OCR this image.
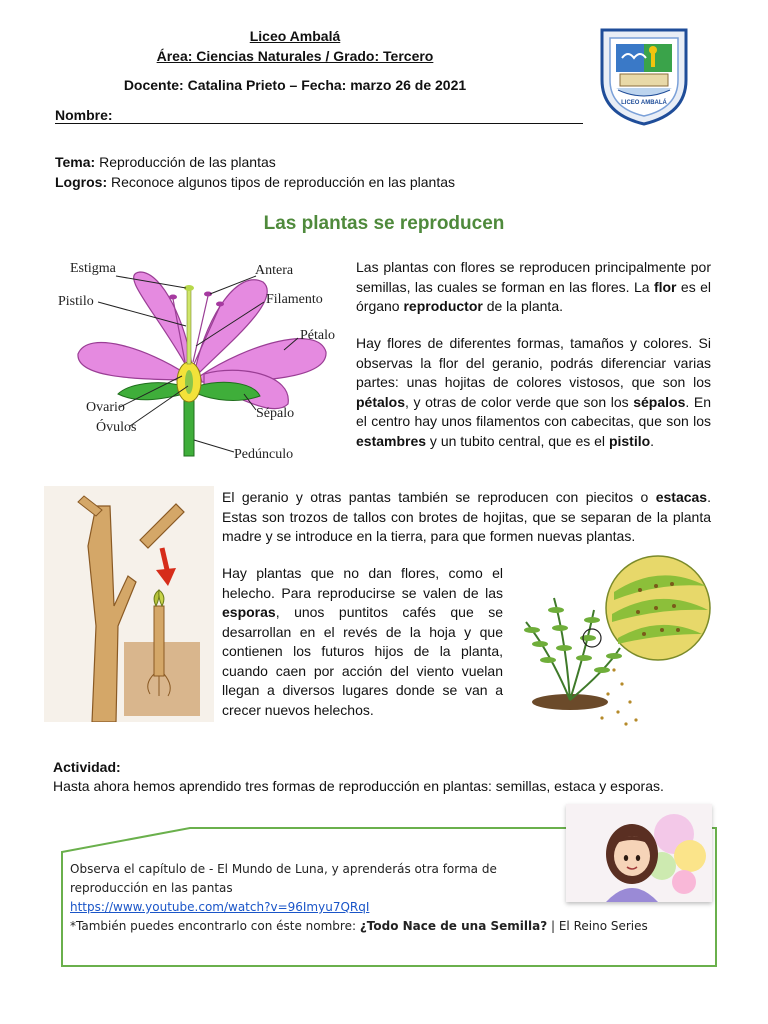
Liceo Ambalá
Área: Ciencias Naturales / Grado: Tercero
Docente: Catalina Prieto – Fecha: marzo 26 de 2021
Nombre:
LICEO AMBALÁ
Tema: Reproducción de las plantas
Logros: Reconoce algunos tipos de reproducción en las plantas
Las plantas se reproducen
Estigma	Antera
Pistilo	Filamento
Pétalo
Ovario	Sépalo
Óvulos
Pedúnculo

Las plantas con flores se reproducen principalmente por semillas, las cuales se forman en las flores. La flor es el órgano reproductor de la planta.

Hay flores de diferentes formas, tamaños y colores. Si observas la flor del geranio, podrás diferenciar varias partes: unas hojitas de colores vistosos, que son los pétalos, y otras de color verde que son los sépalos. En el centro hay unos filamentos con cabecitas, que son los estambres y un tubito central, que es el pistilo.

El geranio y otras pantas también se reproducen con piecitos o estacas. Estas son trozos de tallos con brotes de hojitas, que se separan de la planta madre y se introduce en la tierra, para que formen nuevas plantas.

Hay plantas que no dan flores, como el helecho. Para reproducirse se valen de las esporas, unos puntitos cafés que se desarrollan en el revés de la hoja y que contienen los futuros hijos de la planta, cuando caen por acción del viento vuelan llegan a diversos lugares donde se van a crecer nuevos helechos.

Actividad:
Hasta ahora hemos aprendido tres formas de reproducción en plantas: semillas, estaca y esporas.
Observa el capítulo de - El Mundo de Luna, y aprenderás otra forma de
reproducción en las pantas
https://www.youtube.com/watch?v=96Imyu7QRqI
*También puedes encontrarlo con éste nombre: ¿Todo Nace de una Semilla? | El Reino Series
